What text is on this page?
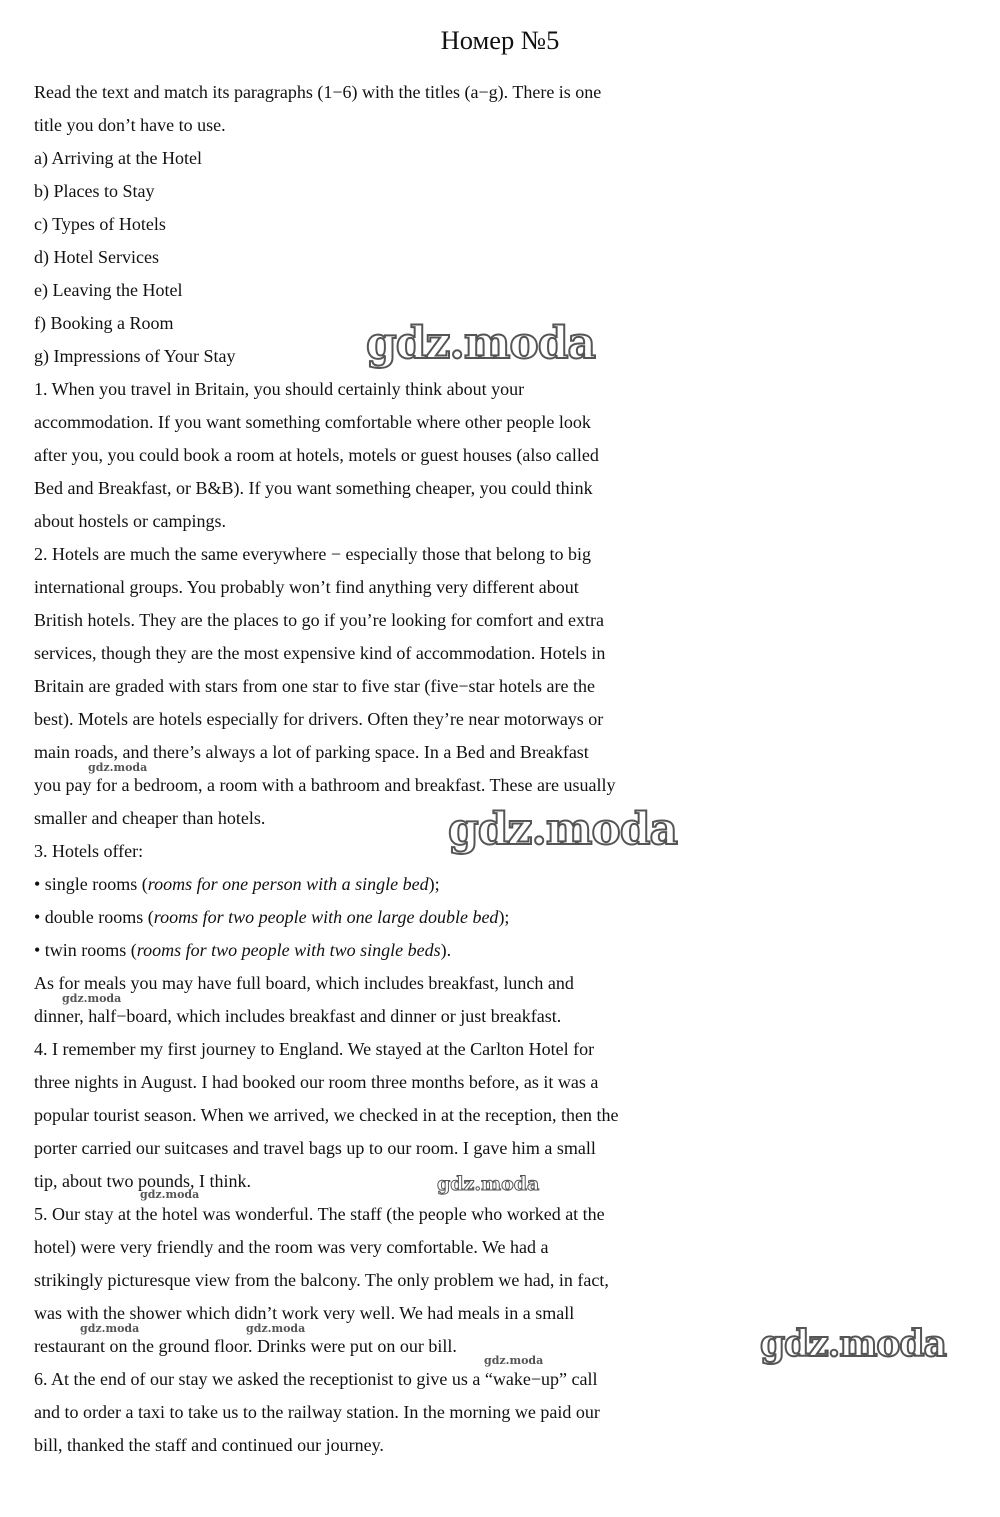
Номер №5
Read the text and match its paragraphs (1−6) with the titles (a−g). There is one
title you don’t have to use.
a) Arriving at the Hotel
b) Places to Stay
c) Types of Hotels
d) Hotel Services
e) Leaving the Hotel
f) Booking a Room
g) Impressions of Your Stay
1. When you travel in Britain, you should certainly think about your
accommodation. If you want something comfortable where other people look
after you, you could book a room at hotels, motels or guest houses (also called
Bed and Breakfast, or B&B). If you want something cheaper, you could think
about hostels or campings.
2. Hotels are much the same everywhere − especially those that belong to big
international groups. You probably won’t find anything very different about
British hotels. They are the places to go if you’re looking for comfort and extra
services, though they are the most expensive kind of accommodation. Hotels in
Britain are graded with stars from one star to five star (five−star hotels are the
best). Motels are hotels especially for drivers. Often they’re near motorways or
main roads, and there’s always a lot of parking space. In a Bed and Breakfast
you pay for a bedroom, a room with a bathroom and breakfast. These are usually
smaller and cheaper than hotels.
3. Hotels offer:
• single rooms (rooms for one person with a single bed);
• double rooms (rooms for two people with one large double bed);
• twin rooms (rooms for two people with two single beds).
As for meals you may have full board, which includes breakfast, lunch and
dinner, half−board, which includes breakfast and dinner or just breakfast.
4. I remember my first journey to England. We stayed at the Carlton Hotel for
three nights in August. I had booked our room three months before, as it was a
popular tourist season. When we arrived, we checked in at the reception, then the
porter carried our suitcases and travel bags up to our room. I gave him a small
tip, about two pounds, I think.
5. Our stay at the hotel was wonderful. The staff (the people who worked at the
hotel) were very friendly and the room was very comfortable. We had a
strikingly picturesque view from the balcony. The only problem we had, in fact,
was with the shower which didn’t work very well. We had meals in a small
restaurant on the ground floor. Drinks were put on our bill.
6. At the end of our stay we asked the receptionist to give us a “wake−up” call
and to order a taxi to take us to the railway station. In the morning we paid our
bill, thanked the staff and continued our journey.
gdz.moda
gdz.moda
gdz.moda
gdz.moda
gdz.moda
gdz.moda
gdz.moda
gdz.moda	gdz.moda
gdz.moda
